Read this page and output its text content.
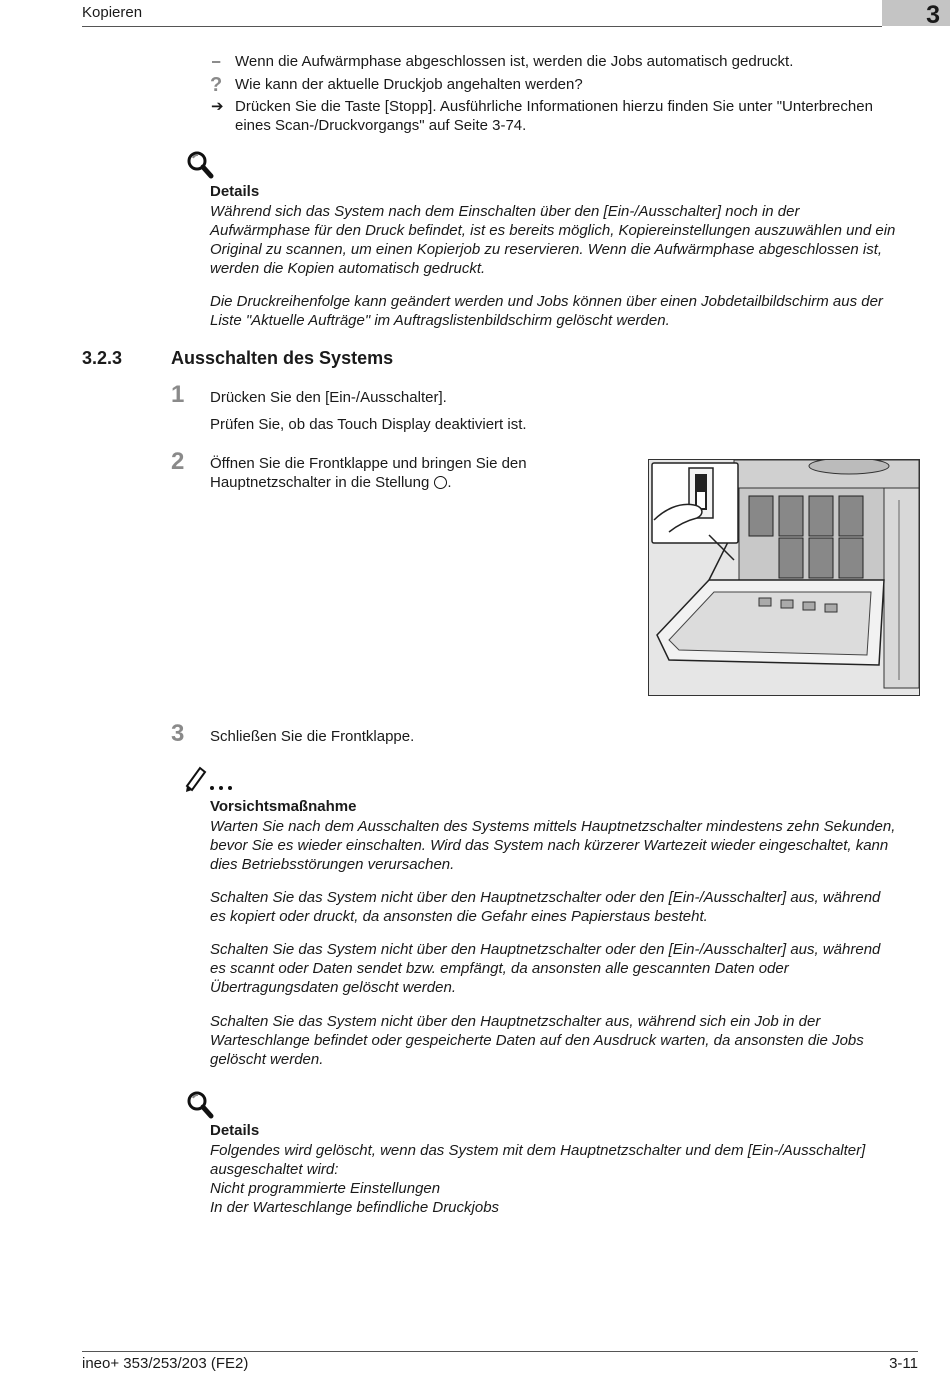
Kopieren	3
– Wenn die Aufwärmphase abgeschlossen ist, werden die Jobs automatisch gedruckt.
? Wie kann der aktuelle Druckjob angehalten werden?
➔ Drücken Sie die Taste [Stopp]. Ausführliche Informationen hierzu finden Sie unter "Unterbrechen
eines Scan-/Druckvorgangs" auf Seite 3-74.
Details
Während sich das System nach dem Einschalten über den [Ein-/Ausschalter] noch in der
Aufwärmphase für den Druck befindet, ist es bereits möglich, Kopiereinstellungen auszuwählen und ein
Original zu scannen, um einen Kopierjob zu reservieren. Wenn die Aufwärmphase abgeschlossen ist,
werden die Kopien automatisch gedruckt.
Die Druckreihenfolge kann geändert werden und Jobs können über einen Jobdetailbildschirm aus der
Liste "Aktuelle Aufträge" im Auftragslistenbildschirm gelöscht werden.
3.2.3	Ausschalten des Systems
1 Drücken Sie den [Ein-/Ausschalter].
Prüfen Sie, ob das Touch Display deaktiviert ist.
2 Öffnen Sie die Frontklappe und bringen Sie den
Hauptnetzschalter in die Stellung .
3 Schließen Sie die Frontklappe.
Vorsichtsmaßnahme
Warten Sie nach dem Ausschalten des Systems mittels Hauptnetzschalter mindestens zehn Sekunden,
bevor Sie es wieder einschalten. Wird das System nach kürzerer Wartezeit wieder eingeschaltet, kann
dies Betriebsstörungen verursachen.
Schalten Sie das System nicht über den Hauptnetzschalter oder den [Ein-/Ausschalter] aus, während
es kopiert oder druckt, da ansonsten die Gefahr eines Papierstaus besteht.
Schalten Sie das System nicht über den Hauptnetzschalter oder den [Ein-/Ausschalter] aus, während
es scannt oder Daten sendet bzw. empfängt, da ansonsten alle gescannten Daten oder
Übertragungsdaten gelöscht werden.
Schalten Sie das System nicht über den Hauptnetzschalter aus, während sich ein Job in der
Warteschlange befindet oder gespeicherte Daten auf den Ausdruck warten, da ansonsten die Jobs
gelöscht werden.
Details
Folgendes wird gelöscht, wenn das System mit dem Hauptnetzschalter und dem [Ein-/Ausschalter]
ausgeschaltet wird:
Nicht programmierte Einstellungen
In der Warteschlange befindliche Druckjobs
ineo+ 353/253/203 (FE2)	3-11
